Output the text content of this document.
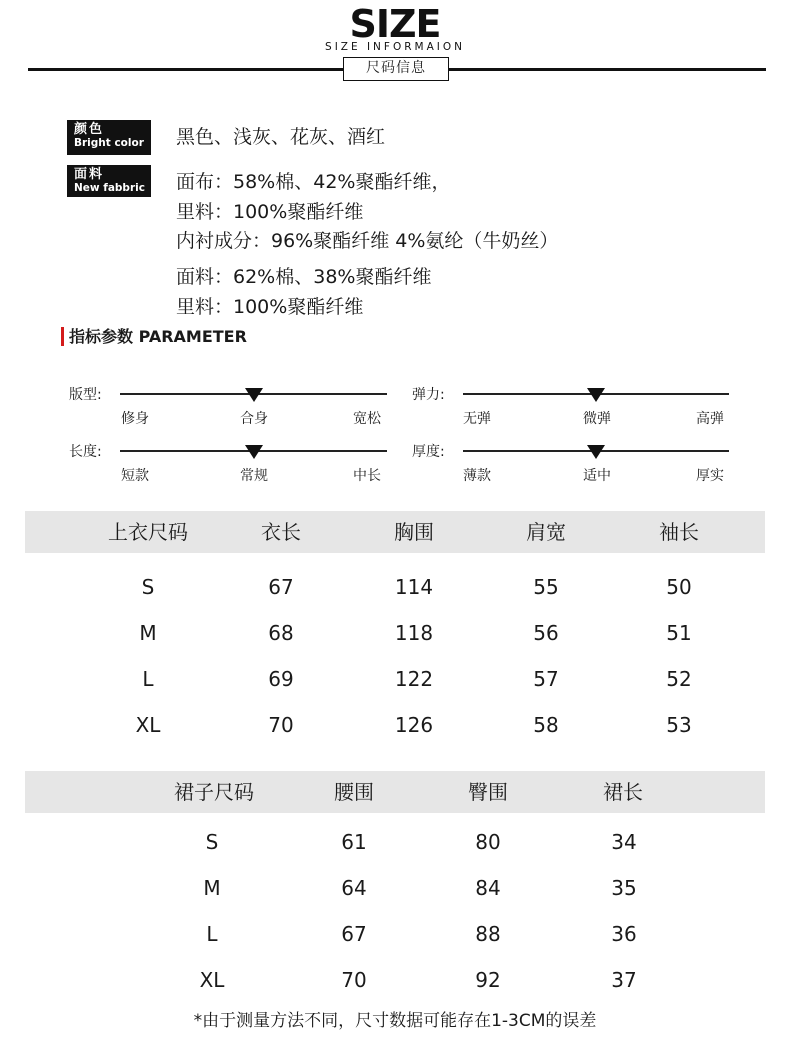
SIZE
SIZE INFORMAION
尺码信息
颜色
Bright color	黑色、浅灰、花灰、酒红
面料
New fabbric	面布：58%棉、42%聚酯纤维，
里料：100%聚酯纤维
内衬成分：96%聚酯纤维 4%氨纶（牛奶丝）
面料：62%棉、38%聚酯纤维
里料：100%聚酯纤维
指标参数 PARAMETER
版型:
修身	合身	宽松
弹力:
无弹	微弹	高弹
长度:
短款	常规	中长
厚度:
薄款	适中	厚实
上衣尺码	衣长	胸围	肩宽	袖长
S	67	114	55	50
M	68	118	56	51
L	69	122	57	52
XL	70	126	58	53
裙子尺码	腰围	臀围	裙长
S	61	80	34
M	64	84	35
L	67	88	36
XL	70	92	37
*由于测量方法不同，尺寸数据可能存在1-3CM的误差
